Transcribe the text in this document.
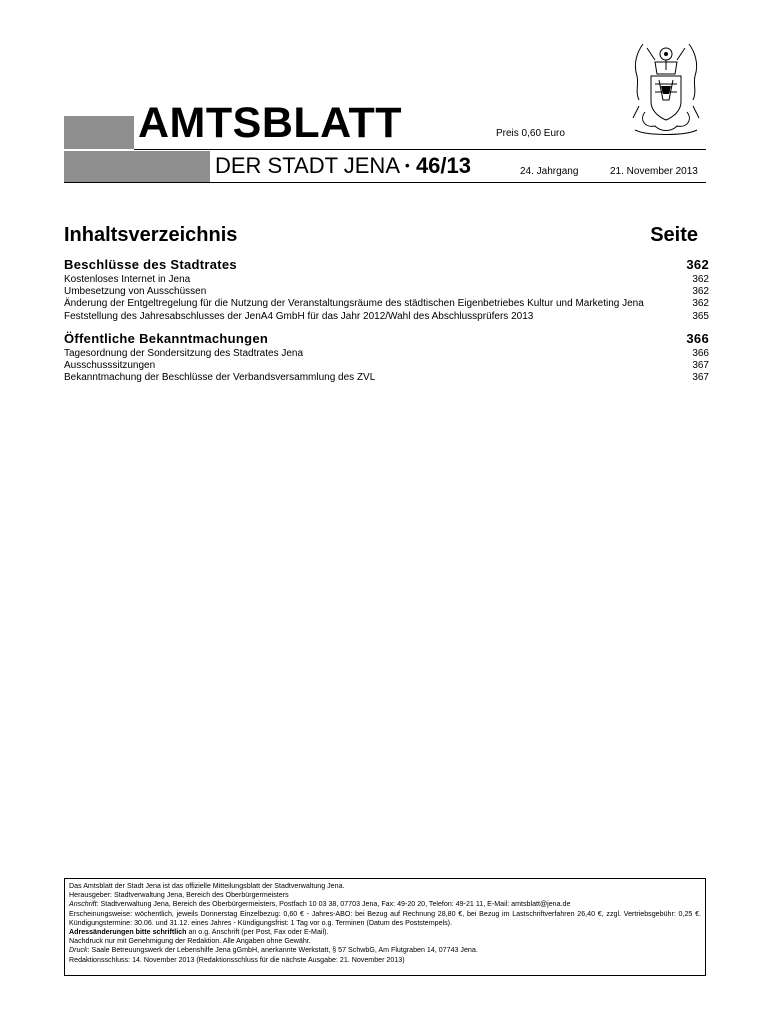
AMTSBLATT	Preis 0,60 Euro
DER STADT JENA • 46/13	24. Jahrgang	21. November 2013
Inhaltsverzeichnis	Seite
Beschlüsse des Stadtrates	362
Kostenloses Internet in Jena	362
Umbesetzung von Ausschüssen	362
Änderung der Entgeltregelung für die Nutzung der Veranstaltungsräume des städtischen Eigenbetriebes Kultur und Marketing Jena	362
Feststellung des Jahresabschlusses der JenA4 GmbH für das Jahr 2012/Wahl des Abschlussprüfers 2013	365
Öffentliche Bekanntmachungen	366
Tagesordnung der Sondersitzung des Stadtrates Jena	366
Ausschusssitzungen	367
Bekanntmachung der Beschlüsse der Verbandsversammlung des ZVL	367

Das Amtsblatt der Stadt Jena ist das offizielle Mitteilungsblatt der Stadtverwaltung Jena.

Herausgeber: Stadtverwaltung Jena, Bereich des Oberbürgermeisters

Anschrift: Stadtverwaltung Jena, Bereich des Oberbürgermeisters, Postfach 10 03 38, 07703 Jena, Fax: 49-20 20, Telefon: 49-21 11, E-Mail: amtsblatt@jena.de

Erscheinungsweise: wöchentlich, jeweils Donnerstag Einzelbezug: 0,60 € - Jahres-ABO: bei Bezug auf Rechnung 28,80 €, bei Bezug im Lastschriftverfahren 26,40 €, zzgl. Vertriebsgebühr: 0,25 €. Kündigungstermine: 30.06. und 31.12. eines Jahres - Kündigungsfrist: 1 Tag vor o.g. Terminen (Datum des Poststempels).

Adressänderungen bitte schriftlich an o.g. Anschrift (per Post, Fax oder E-Mail).

Nachdruck nur mit Genehmigung der Redaktion. Alle Angaben ohne Gewähr.

Druck: Saale Betreuungswerk der Lebenshilfe Jena gGmbH, anerkannte Werkstatt, § 57 SchwbG, Am Flutgraben 14, 07743 Jena.

Redaktionsschluss: 14. November 2013 (Redaktionsschluss für die nächste Ausgabe: 21. November 2013)
